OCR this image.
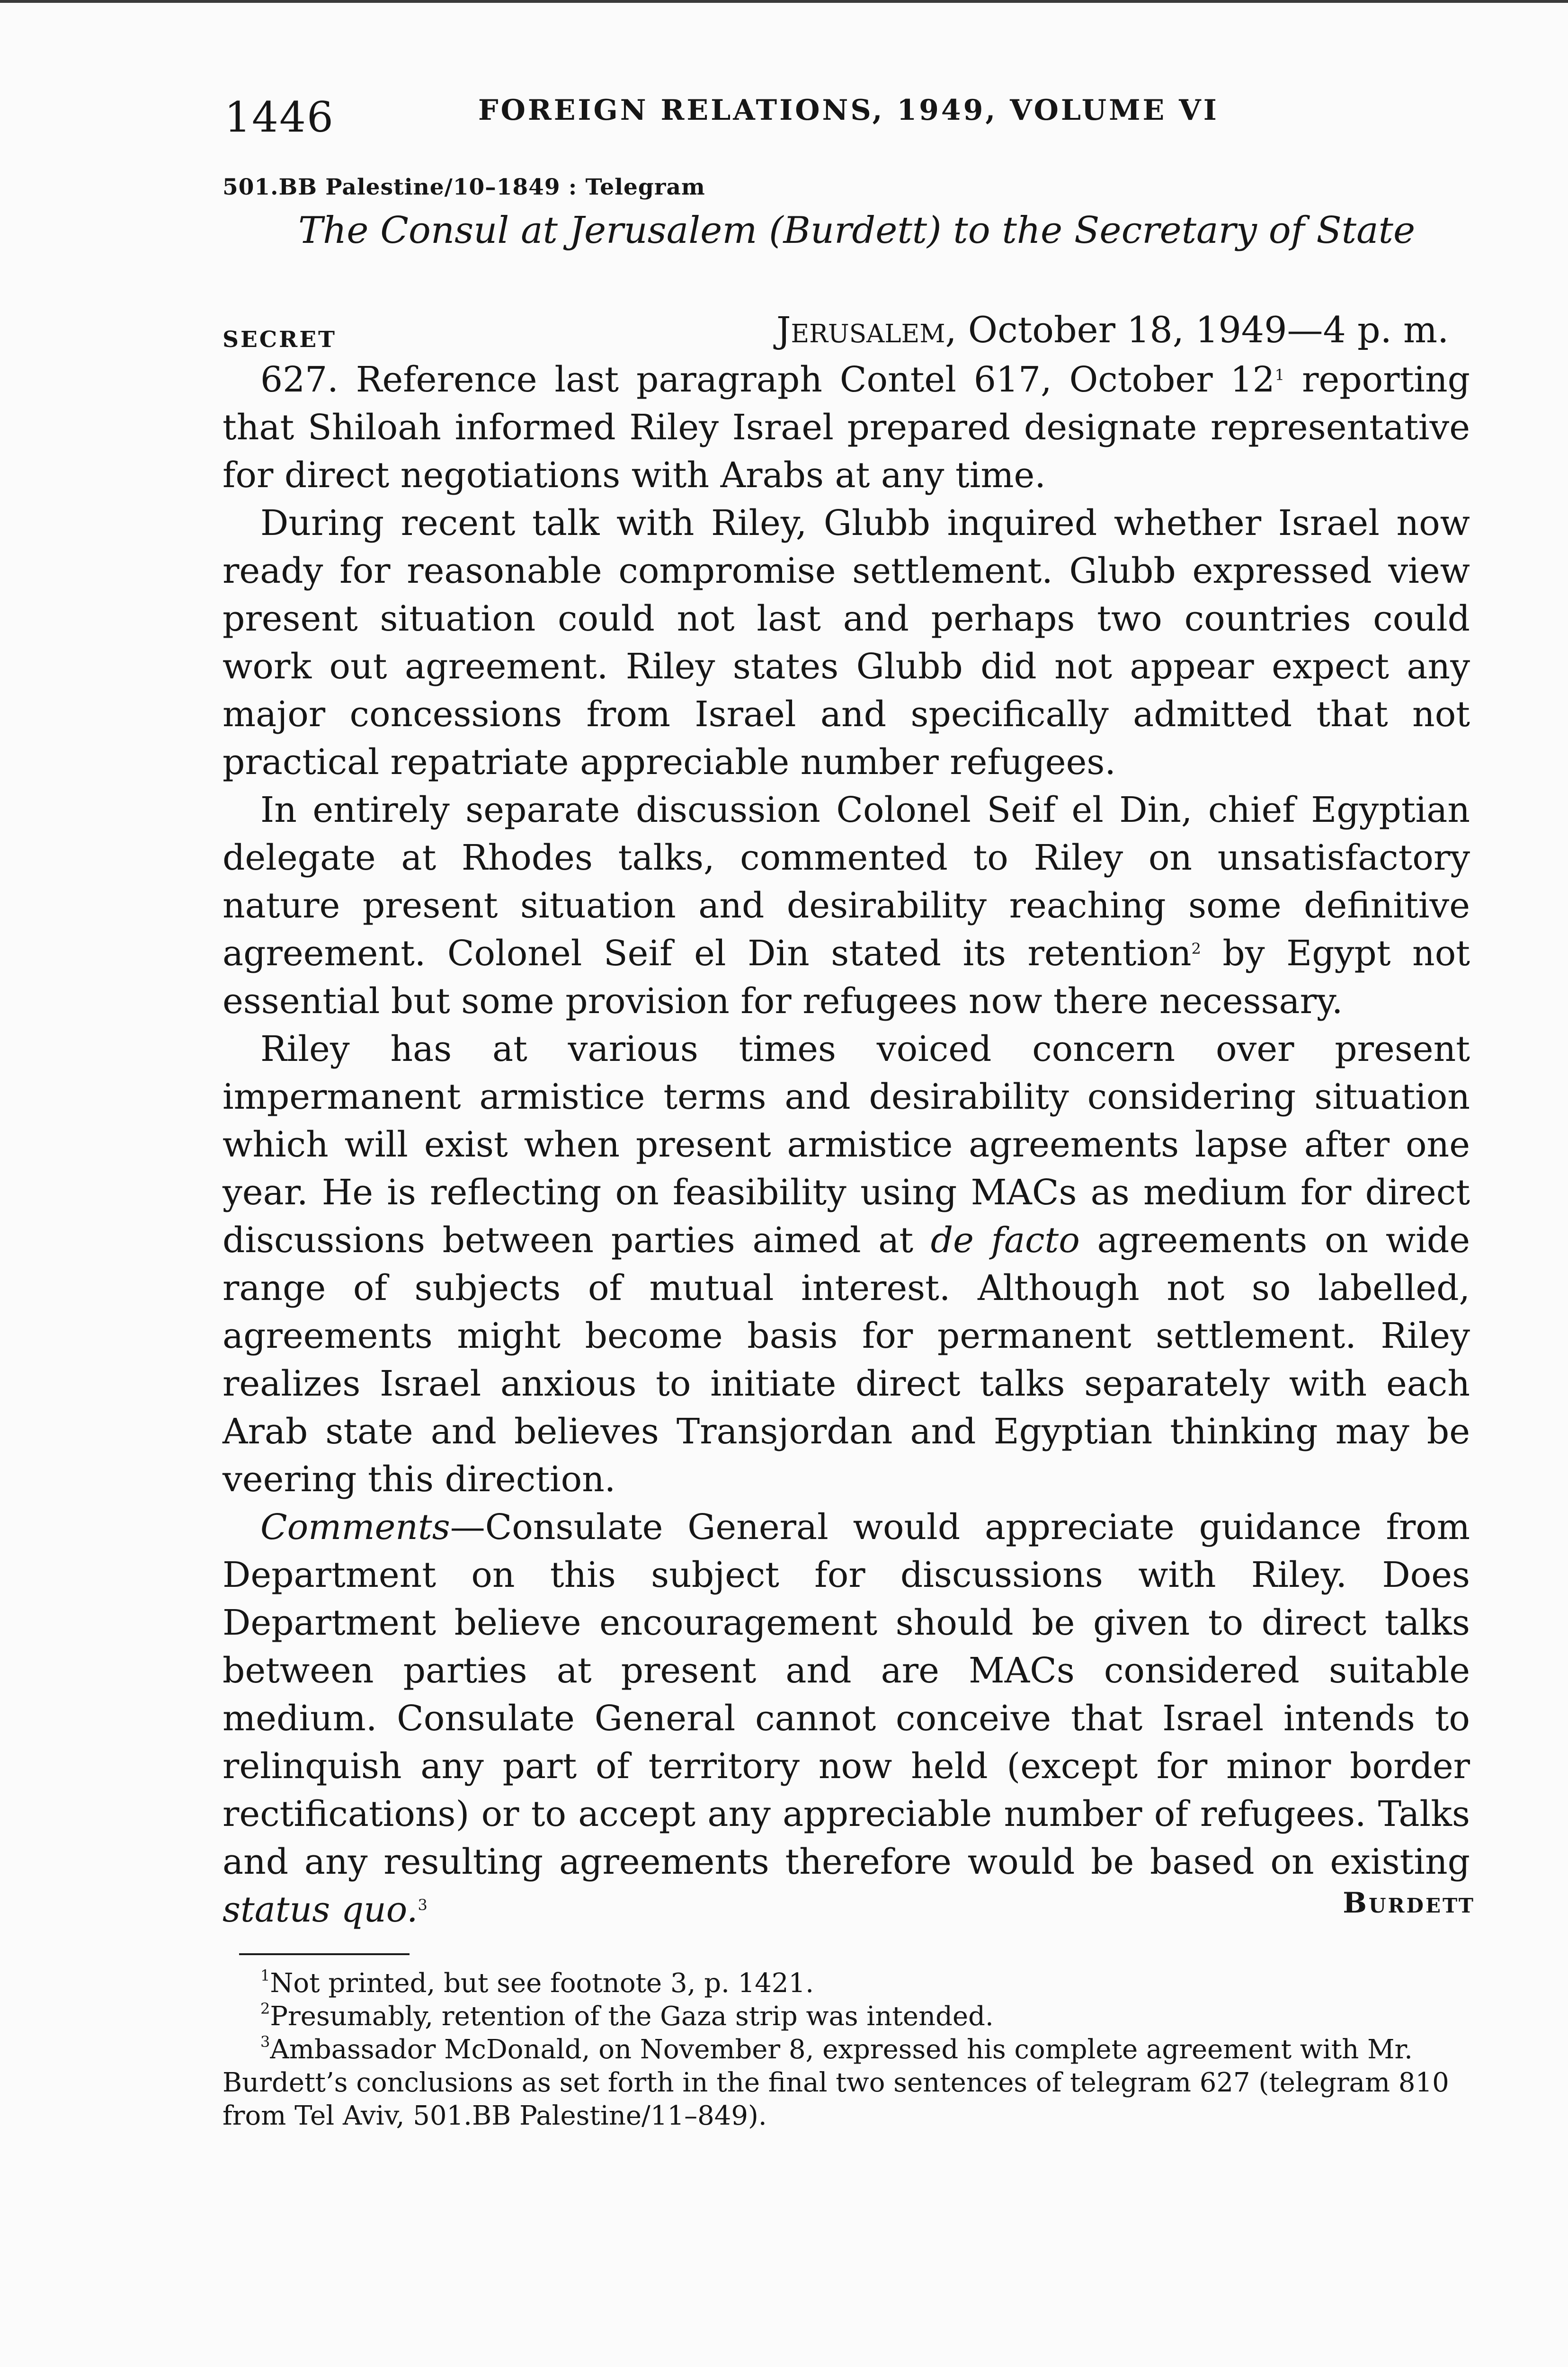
1446	FOREIGN RELATIONS, 1949, VOLUME VI
501.BB Palestine/10–1849 : Telegram
The Consul at Jerusalem (Burdett) to the Secretary of State
SECRET	Jerusalem, October 18, 1949—4 p. m.

627. Reference last paragraph Contel 617, October 12$^1$ reporting that Shiloah informed Riley Israel prepared designate representative for direct negotiations with Arabs at any time.

During recent talk with Riley, Glubb inquired whether Israel now ready for reasonable compromise settlement. Glubb expressed view present situation could not last and perhaps two countries could work out agreement. Riley states Glubb did not appear expect any major concessions from Israel and specifically admitted that not practical repatriate appreciable number refugees.

In entirely separate discussion Colonel Seif el Din, chief Egyptian delegate at Rhodes talks, commented to Riley on unsatisfactory nature present situation and desirability reaching some definitive agreement. Colonel Seif el Din stated its retention$^2$ by Egypt not essential but some provision for refugees now there necessary.

Riley has at various times voiced concern over present impermanent armistice terms and desirability considering situation which will exist when present armistice agreements lapse after one year. He is reflecting on feasibility using MACs as medium for direct discussions between parties aimed at de facto agreements on wide range of subjects of mutual interest. Although not so labelled, agreements might become basis for permanent settlement. Riley realizes Israel anxious to initiate direct talks separately with each Arab state and believes Transjordan and Egyptian thinking may be veering this direction.

Comments—Consulate General would appreciate guidance from Department on this subject for discussions with Riley. Does Department believe encouragement should be given to direct talks between parties at present and are MACs considered suitable medium. Consulate General cannot conceive that Israel intends to relinquish any part of territory now held (except for minor border rectifications) or to accept any appreciable number of refugees. Talks and any resulting agreements therefore would be based on existing status quo.$^3$	Burdett

$^1$Not printed, but see footnote 3, p. 1421.

$^2$Presumably, retention of the Gaza strip was intended.

$^3$Ambassador McDonald, on November 8, expressed his complete agreement with Mr. Burdett’s conclusions as set forth in the final two sentences of telegram 627 (telegram 810 from Tel Aviv, 501.BB Palestine/11–849).
